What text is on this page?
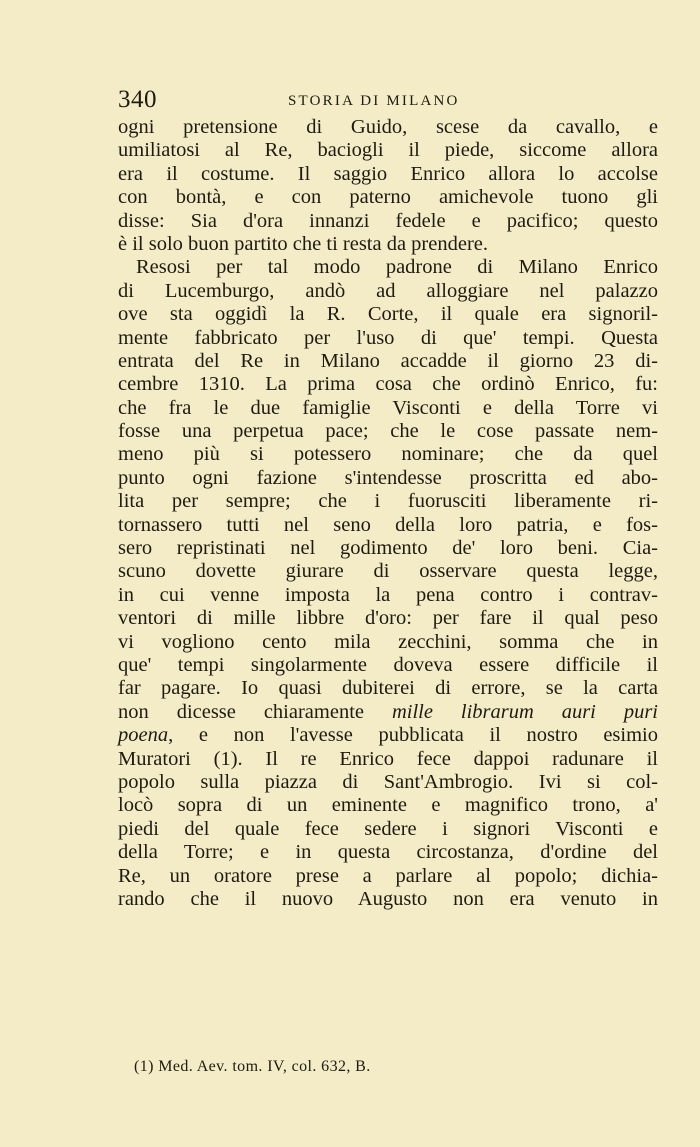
340	STORIA DI MILANO
ogni pretensione di Guido, scese da cavallo, e
umiliatosi al Re, baciogli il piede, siccome allora
era il costume. Il saggio Enrico allora lo accolse
con bontà, e con paterno amichevole tuono gli
disse: Sia d'ora innanzi fedele e pacifico; questo
è il solo buon partito che ti resta da prendere.
Resosi per tal modo padrone di Milano Enrico
di Lucemburgo, andò ad alloggiare nel palazzo
ove sta oggidì la R. Corte, il quale era signoril-
mente fabbricato per l'uso di que' tempi. Questa
entrata del Re in Milano accadde il giorno 23 di-
cembre 1310. La prima cosa che ordinò Enrico, fu:
che fra le due famiglie Visconti e della Torre vi
fosse una perpetua pace; che le cose passate nem-
meno più si potessero nominare; che da quel
punto ogni fazione s'intendesse proscritta ed abo-
lita per sempre; che i fuorusciti liberamente ri-
tornassero tutti nel seno della loro patria, e fos-
sero repristinati nel godimento de' loro beni. Cia-
scuno dovette giurare di osservare questa legge,
in cui venne imposta la pena contro i contrav-
ventori di mille libbre d'oro: per fare il qual peso
vi vogliono cento mila zecchini, somma che in
que' tempi singolarmente doveva essere difficile il
far pagare. Io quasi dubiterei di errore, se la carta
non dicesse chiaramente mille librarum auri puri
poena, e non l'avesse pubblicata il nostro esimio
Muratori (1). Il re Enrico fece dappoi radunare il
popolo sulla piazza di Sant'Ambrogio. Ivi si col-
locò sopra di un eminente e magnifico trono, a'
piedi del quale fece sedere i signori Visconti e
della Torre; e in questa circostanza, d'ordine del
Re, un oratore prese a parlare al popolo; dichia-
rando che il nuovo Augusto non era venuto in
(1) Med. Aev. tom. IV, col. 632, B.
